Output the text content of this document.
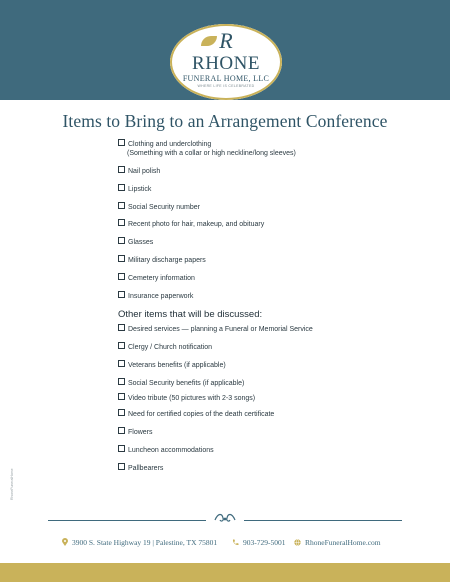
R
RHONE
FUNERAL HOME, LLC
WHERE LIFE IS CELEBRATED
Items to Bring to an Arrangement Conference
Clothing and underclothing
(Something with a collar or high neckline/long sleeves)
Nail polish
Lipstick
Social Security number
Recent photo for hair, makeup, and obituary
Glasses
Military discharge papers
Cemetery information
Insurance paperwork
Other items that will be discussed:
Desired services — planning a Funeral or Memorial Service
Clergy / Church notification
Veterans benefits (if applicable)
Social Security benefits (if applicable)
Video tribute (50 pictures with 2-3 songs)
Need for certified copies of the death certificate
Flowers
Luncheon accommodations
Pallbearers
RhoneFuneralHome
3900 S. State Highway 19 | Palestine, TX 75801	903-729-5001	RhoneFuneralHome.com
